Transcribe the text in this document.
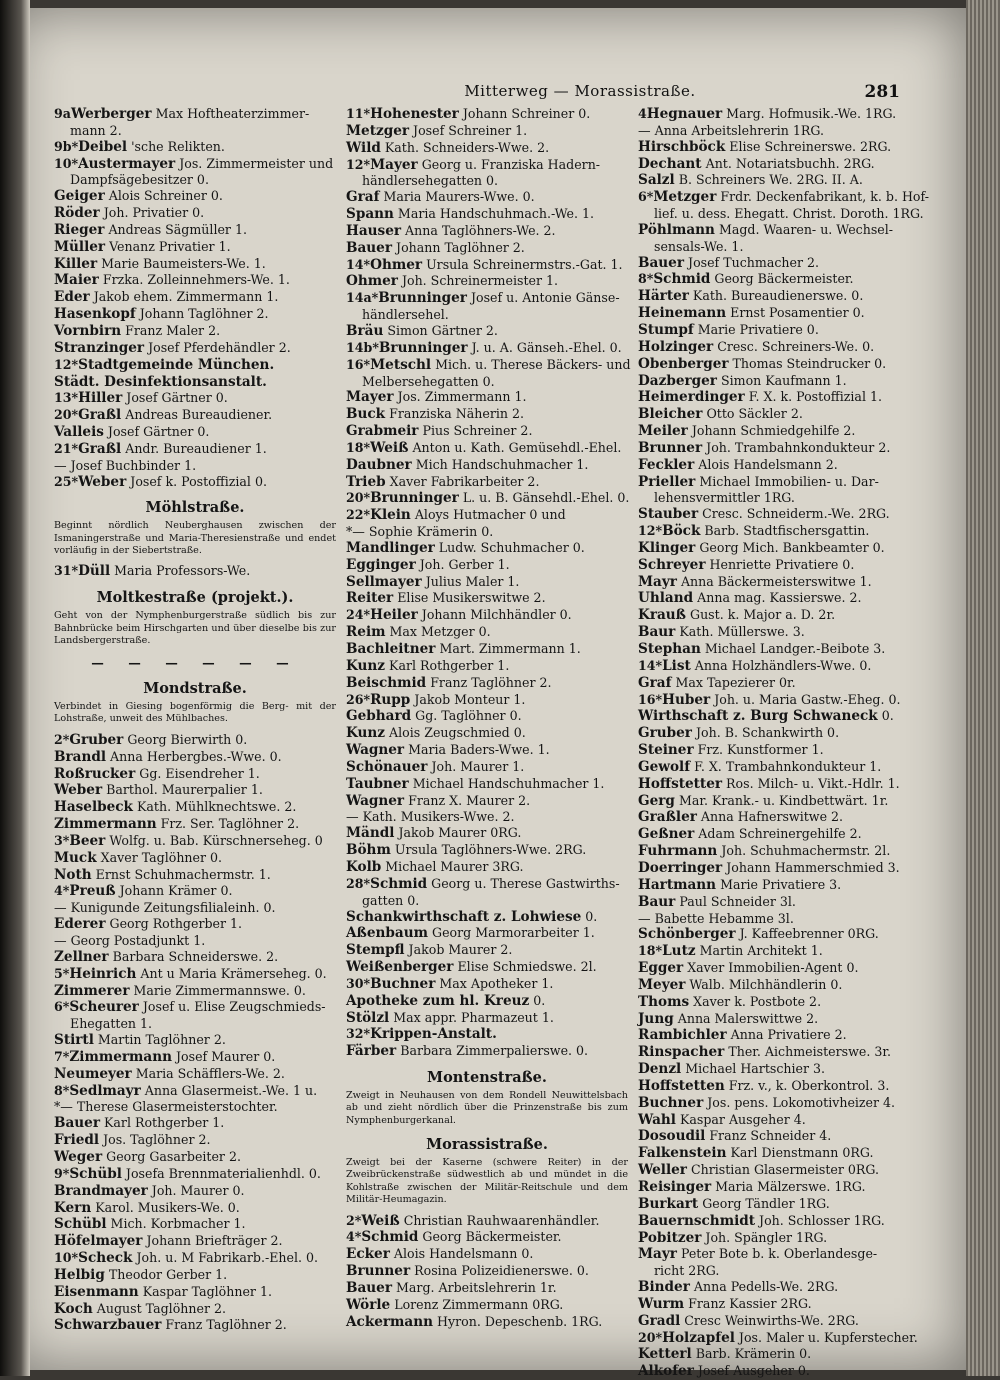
Mitterweg — Morassistraße.	281
9aWerberger Max Hoftheaterzimmer-
mann 2.
9b*Deibel 'sche Relikten.
10*Austermayer Jos. Zimmermeister und
Dampfsägebesitzer 0.
Geiger Alois Schreiner 0.
Röder Joh. Privatier 0.
Rieger Andreas Sägmüller 1.
Müller Venanz Privatier 1.
Killer Marie Baumeisters-We. 1.
Maier Frzka. Zolleinnehmers-We. 1.
Eder Jakob ehem. Zimmermann 1.
Hasenkopf Johann Taglöhner 2.
Vornbirn Franz Maler 2.
Stranzinger Josef Pferdehändler 2.
12*Stadtgemeinde München.
Städt. Desinfektionsanstalt.
13*Hiller Josef Gärtner 0.
20*Graßl Andreas Bureaudiener.
Valleis Josef Gärtner 0.
21*Graßl Andr. Bureaudiener 1.
— Josef Buchbinder 1.
25*Weber Josef k. Postoffizial 0.
Möhlstraße.
Beginnt nördlich Neuberghausen zwischen der Ismaningerstraße und Maria-Theresienstraße und endet vorläufig in der Siebertstraße.
31*Düll Maria Professors-We.
Moltkestraße (projekt.).
Geht von der Nymphenburgerstraße südlich bis zur Bahnbrücke beim Hirschgarten und über dieselbe bis zur Landsbergerstraße.
— — — — — —
Mondstraße.
Verbindet in Giesing bogenförmig die Berg- mit der Lohstraße, unweit des Mühlbaches.
2*Gruber Georg Bierwirth 0.
Brandl Anna Herbergbes.-Wwe. 0.
Roßrucker Gg. Eisendreher 1.
Weber Barthol. Maurerpalier 1.
Haselbeck Kath. Mühlknechtswe. 2.
Zimmermann Frz. Ser. Taglöhner 2.
3*Beer Wolfg. u. Bab. Kürschnerseheg. 0
Muck Xaver Taglöhner 0.
Noth Ernst Schuhmachermstr. 1.
4*Preuß Johann Krämer 0.
— Kunigunde Zeitungsfilialeinh. 0.
Ederer Georg Rothgerber 1.
— Georg Postadjunkt 1.
Zellner Barbara Schneiderswe. 2.
5*Heinrich Ant u Maria Krämerseheg. 0.
Zimmerer Marie Zimmermannswe. 0.
6*Scheurer Josef u. Elise Zeugschmieds-
Ehegatten 1.
Stirtl Martin Taglöhner 2.
7*Zimmermann Josef Maurer 0.
Neumeyer Maria Schäfflers-We. 2.
8*Sedlmayr Anna Glasermeist.-We. 1 u.
*— Therese Glasermeisterstochter.
Bauer Karl Rothgerber 1.
Friedl Jos. Taglöhner 2.
Weger Georg Gasarbeiter 2.
9*Schübl Josefa Brennmaterialienhdl. 0.
Brandmayer Joh. Maurer 0.
Kern Karol. Musikers-We. 0.
Schübl Mich. Korbmacher 1.
Höfelmayer Johann Briefträger 2.
10*Scheck Joh. u. M Fabrikarb.-Ehel. 0.
Helbig Theodor Gerber 1.
Eisenmann Kaspar Taglöhner 1.
Koch August Taglöhner 2.
Schwarzbauer Franz Taglöhner 2.
11*Hohenester Johann Schreiner 0.
Metzger Josef Schreiner 1.
Wild Kath. Schneiders-Wwe. 2.
12*Mayer Georg u. Franziska Hadern-
händlersehegatten 0.
Graf Maria Maurers-Wwe. 0.
Spann Maria Handschuhmach.-We. 1.
Hauser Anna Taglöhners-We. 2.
Bauer Johann Taglöhner 2.
14*Ohmer Ursula Schreinermstrs.-Gat. 1.
Ohmer Joh. Schreinermeister 1.
14a*Brunninger Josef u. Antonie Gänse-
händlersehel.
Bräu Simon Gärtner 2.
14b*Brunninger J. u. A. Gänseh.-Ehel. 0.
16*Metschl Mich. u. Therese Bäckers- und
Melbersehegatten 0.
Mayer Jos. Zimmermann 1.
Buck Franziska Näherin 2.
Grabmeir Pius Schreiner 2.
18*Weiß Anton u. Kath. Gemüsehdl.-Ehel.
Daubner Mich Handschuhmacher 1.
Trieb Xaver Fabrikarbeiter 2.
20*Brunninger L. u. B. Gänsehdl.-Ehel. 0.
22*Klein Aloys Hutmacher 0 und
*— Sophie Krämerin 0.
Mandlinger Ludw. Schuhmacher 0.
Egginger Joh. Gerber 1.
Sellmayer Julius Maler 1.
Reiter Elise Musikerswitwe 2.
24*Heiler Johann Milchhändler 0.
Reim Max Metzger 0.
Bachleitner Mart. Zimmermann 1.
Kunz Karl Rothgerber 1.
Beischmid Franz Taglöhner 2.
26*Rupp Jakob Monteur 1.
Gebhard Gg. Taglöhner 0.
Kunz Alois Zeugschmied 0.
Wagner Maria Baders-Wwe. 1.
Schönauer Joh. Maurer 1.
Taubner Michael Handschuhmacher 1.
Wagner Franz X. Maurer 2.
— Kath. Musikers-Wwe. 2.
Mändl Jakob Maurer 0RG.
Böhm Ursula Taglöhners-Wwe. 2RG.
Kolb Michael Maurer 3RG.
28*Schmid Georg u. Therese Gastwirths-
gatten 0.
Schankwirthschaft z. Lohwiese 0.
Aßenbaum Georg Marmorarbeiter 1.
Stempfl Jakob Maurer 2.
Weißenberger Elise Schmiedswe. 2l.
30*Buchner Max Apotheker 1.
Apotheke zum hl. Kreuz 0.
Stölzl Max appr. Pharmazeut 1.
32*Krippen-Anstalt.
Färber Barbara Zimmerpalierswe. 0.
Montenstraße.
Zweigt in Neuhausen von dem Rondell Neuwittelsbach ab und zieht nördlich über die Prinzenstraße bis zum Nymphenburgerkanal.
Morassistraße.
Zweigt bei der Kaserne (schwere Reiter) in der Zweibrückenstraße südwestlich ab und mündet in die Kohlstraße zwischen der Militär-Reitschule und dem Militär-Heumagazin.
2*Weiß Christian Rauhwaarenhändler.
4*Schmid Georg Bäckermeister.
Ecker Alois Handelsmann 0.
Brunner Rosina Polizeidienerswe. 0.
Bauer Marg. Arbeitslehrerin 1r.
Wörle Lorenz Zimmermann 0RG.
Ackermann Hyron. Depeschenb. 1RG.
4Hegnauer Marg. Hofmusik.-We. 1RG.
— Anna Arbeitslehrerin 1RG.
Hirschböck Elise Schreinerswe. 2RG.
Dechant Ant. Notariatsbuchh. 2RG.
Salzl B. Schreiners We. 2RG. II. A.
6*Metzger Frdr. Deckenfabrikant, k. b. Hof-
lief. u. dess. Ehegatt. Christ. Doroth. 1RG.
Pöhlmann Magd. Waaren- u. Wechsel-
sensals-We. 1.
Bauer Josef Tuchmacher 2.
8*Schmid Georg Bäckermeister.
Härter Kath. Bureaudienerswe. 0.
Heinemann Ernst Posamentier 0.
Stumpf Marie Privatiere 0.
Holzinger Cresc. Schreiners-We. 0.
Obenberger Thomas Steindrucker 0.
Dazberger Simon Kaufmann 1.
Heimerdinger F. X. k. Postoffizial 1.
Bleicher Otto Säckler 2.
Meiler Johann Schmiedgehilfe 2.
Brunner Joh. Trambahnkondukteur 2.
Feckler Alois Handelsmann 2.
Prieller Michael Immobilien- u. Dar-
lehensvermittler 1RG.
Stauber Cresc. Schneiderm.-We. 2RG.
12*Böck Barb. Stadtfischersgattin.
Klinger Georg Mich. Bankbeamter 0.
Schreyer Henriette Privatiere 0.
Mayr Anna Bäckermeisterswitwe 1.
Uhland Anna mag. Kassierswe. 2.
Krauß Gust. k. Major a. D. 2r.
Baur Kath. Müllerswe. 3.
Stephan Michael Landger.-Beibote 3.
14*List Anna Holzhändlers-Wwe. 0.
Graf Max Tapezierer 0r.
16*Huber Joh. u. Maria Gastw.-Eheg. 0.
Wirthschaft z. Burg Schwaneck 0.
Gruber Joh. B. Schankwirth 0.
Steiner Frz. Kunstformer 1.
Gewolf F. X. Trambahnkondukteur 1.
Hoffstetter Ros. Milch- u. Vikt.-Hdlr. 1.
Gerg Mar. Krank.- u. Kindbettwärt. 1r.
Graßler Anna Hafnerswitwe 2.
Geßner Adam Schreinergehilfe 2.
Fuhrmann Joh. Schuhmachermstr. 2l.
Doerringer Johann Hammerschmied 3.
Hartmann Marie Privatiere 3.
Baur Paul Schneider 3l.
— Babette Hebamme 3l.
Schönberger J. Kaffeebrenner 0RG.
18*Lutz Martin Architekt 1.
Egger Xaver Immobilien-Agent 0.
Meyer Walb. Milchhändlerin 0.
Thoms Xaver k. Postbote 2.
Jung Anna Malerswittwe 2.
Rambichler Anna Privatiere 2.
Rinspacher Ther. Aichmeisterswe. 3r.
Denzl Michael Hartschier 3.
Hoffstetten Frz. v., k. Oberkontrol. 3.
Buchner Jos. pens. Lokomotivheizer 4.
Wahl Kaspar Ausgeher 4.
Dosoudil Franz Schneider 4.
Falkenstein Karl Dienstmann 0RG.
Weller Christian Glasermeister 0RG.
Reisinger Maria Mälzerswe. 1RG.
Burkart Georg Tändler 1RG.
Bauernschmidt Joh. Schlosser 1RG.
Pobitzer Joh. Spängler 1RG.
Mayr Peter Bote b. k. Oberlandesge-
richt 2RG.
Binder Anna Pedells-We. 2RG.
Wurm Franz Kassier 2RG.
Gradl Cresc Weinwirths-We. 2RG.
20*Holzapfel Jos. Maler u. Kupferstecher.
Ketterl Barb. Krämerin 0.
Alkofer Josef Ausgeher 0.
